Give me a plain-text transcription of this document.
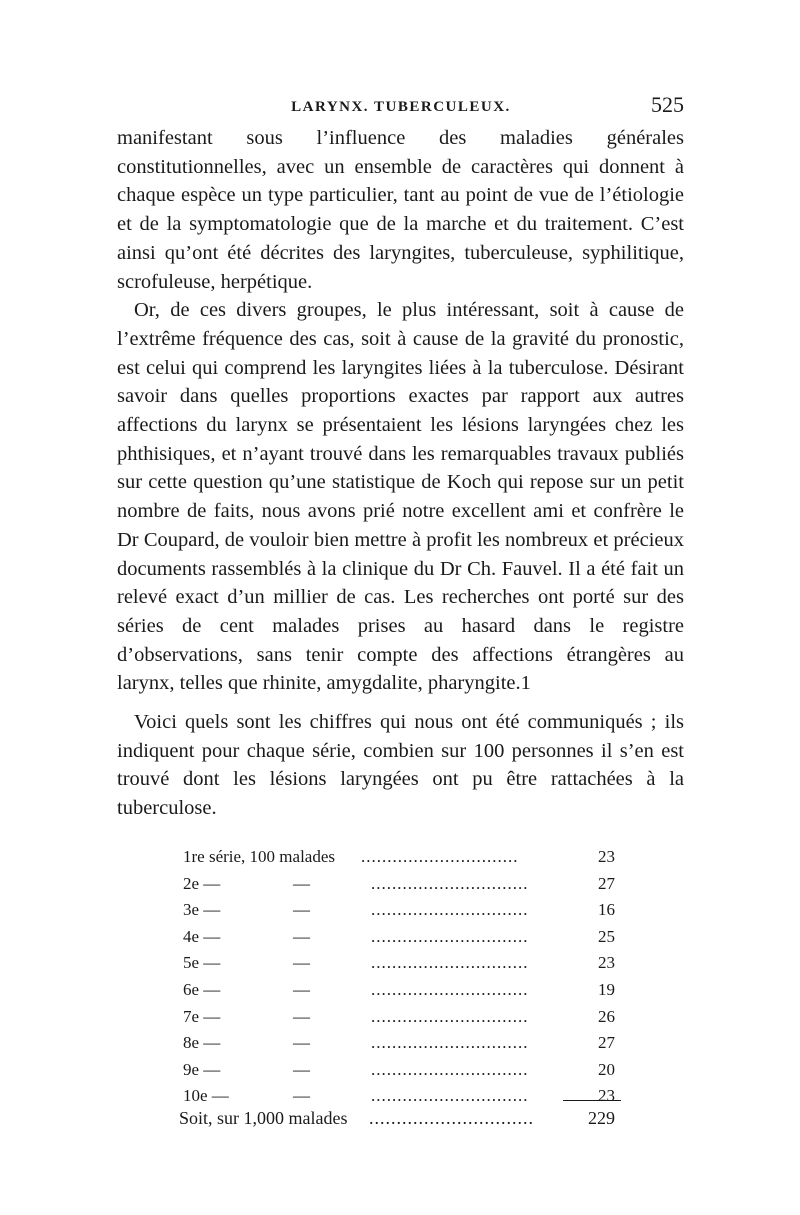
LARYNX. TUBERCULEUX.	525

manifestant sous l’influence des maladies générales constitutionnelles, avec un ensemble de caractères qui donnent à chaque espèce un type particulier, tant au point de vue de l’étiologie et de la symptomatologie que de la marche et du traitement. C’est ainsi qu’ont été décrites des laryngites, tuberculeuse, syphilitique, scrofuleuse, herpétique.

Or, de ces divers groupes, le plus intéressant, soit à cause de l’extrême fréquence des cas, soit à cause de la gravité du pronostic, est celui qui comprend les laryngites liées à la tuberculose. Désirant savoir dans quelles proportions exactes par rapport aux autres affections du larynx se présentaient les lésions laryngées chez les phthisiques, et n’ayant trouvé dans les remarquables travaux publiés sur cette question qu’une statistique de Koch qui repose sur un petit nombre de faits, nous avons prié notre excellent ami et confrère le Dr Coupard, de vouloir bien mettre à profit les nombreux et précieux documents rassemblés à la clinique du Dr Ch. Fauvel. Il a été fait un relevé exact d’un millier de cas. Les recherches ont porté sur des séries de cent malades prises au hasard dans le registre d’observations, sans tenir compte des affections étrangères au larynx, telles que rhinite, amygdalite, pharyngite.1

Voici quels sont les chiffres qui nous ont été communiqués ; ils indiquent pour chaque série, combien sur 100 personnes il s’en est trouvé dont les lésions laryngées ont pu être rattachées à la tuberculose.

1re série, 100 malades ..............................	23
2e —	—	..............................	27
3e —	—	..............................	16
4e —	—	..............................	25
5e —	—	..............................	23
6e —	—	..............................	19
7e —	—	..............................	26
8e —	—	..............................	27
9e —	—	..............................	20
10e —	—	..............................	23
Soit, sur 1,000 malades ..............................	229
